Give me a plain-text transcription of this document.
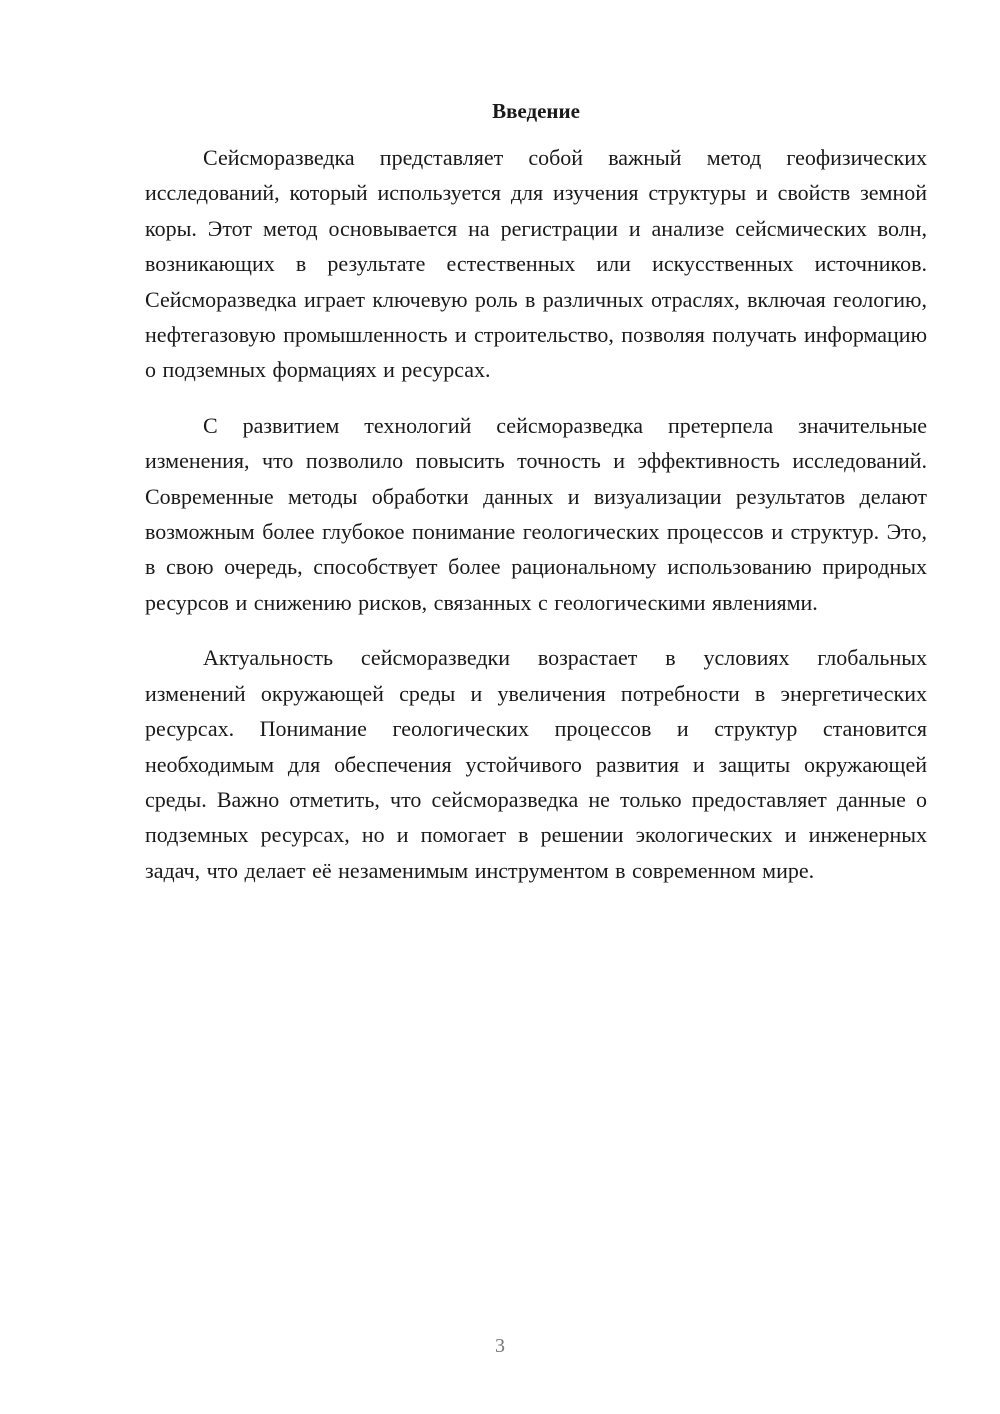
Введение

Сейсморазведка представляет собой важный метод геофизических исследований, который используется для изучения структуры и свойств земной коры. Этот метод основывается на регистрации и анализе сейсмических волн, возникающих в результате естественных или искусственных источников. Сейсморазведка играет ключевую роль в различных отраслях, включая геологию, нефтегазовую промышленность и строительство, позволяя получать информацию о подземных формациях и ресурсах.

С развитием технологий сейсморазведка претерпела значительные изменения, что позволило повысить точность и эффективность исследований. Современные методы обработки данных и визуализации результатов делают возможным более глубокое понимание геологических процессов и структур. Это, в свою очередь, способствует более рациональному использованию природных ресурсов и снижению рисков, связанных с геологическими явлениями.

Актуальность сейсморазведки возрастает в условиях глобальных изменений окружающей среды и увеличения потребности в энергетических ресурсах. Понимание геологических процессов и структур становится необходимым для обеспечения устойчивого развития и защиты окружающей среды. Важно отметить, что сейсморазведка не только предоставляет данные о подземных ресурсах, но и помогает в решении экологических и инженерных задач, что делает её незаменимым инструментом в современном мире.

3
